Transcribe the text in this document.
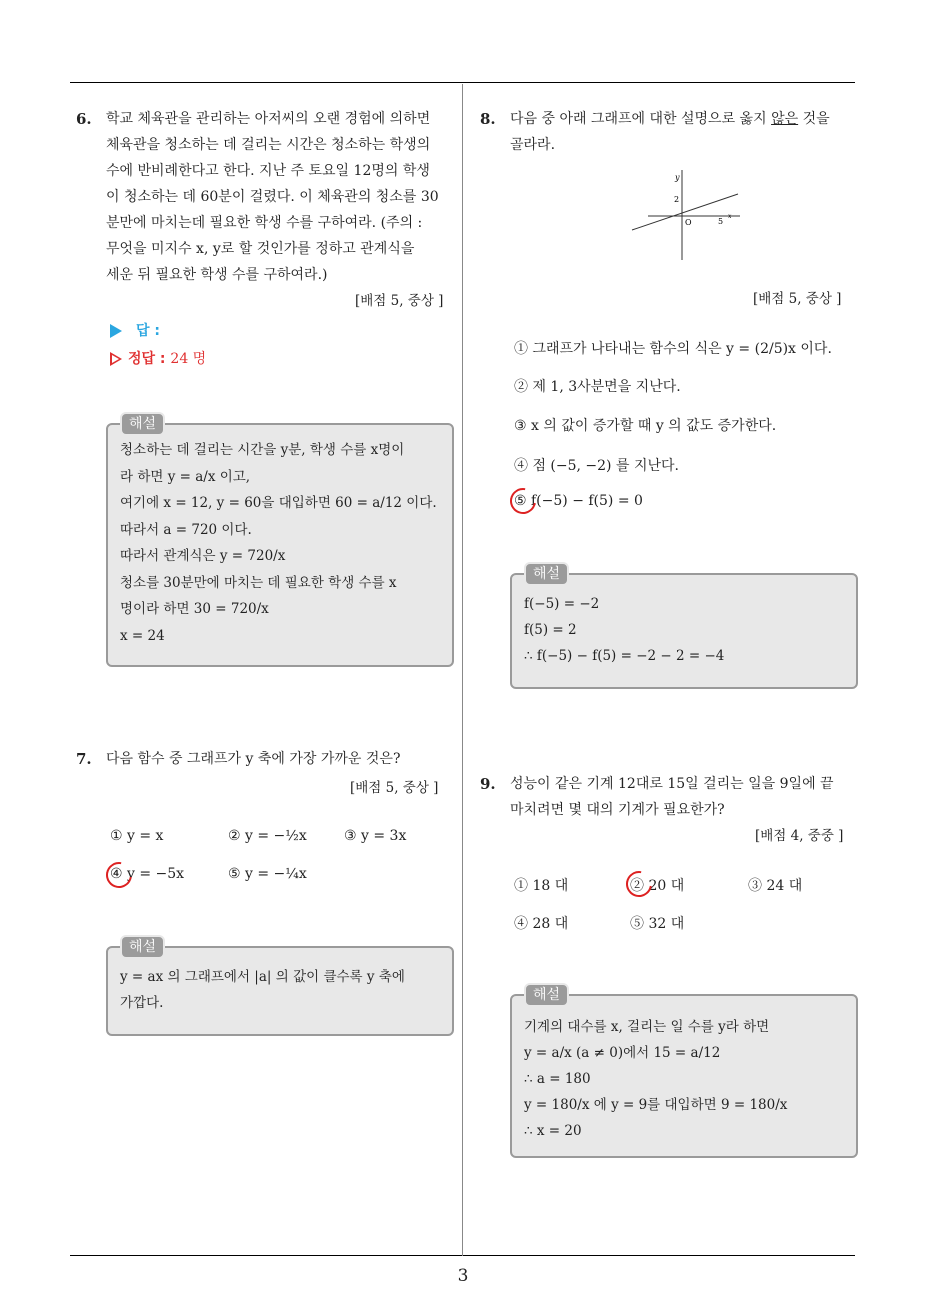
3
6. 학교 체육관을 관리하는 아저씨의 오랜 경험에 의하면
체육관을 청소하는 데 걸리는 시간은 청소하는 학생의
수에 반비례한다고 한다. 지난 주 토요일 12명의 학생
이 청소하는 데 60분이 걸렸다. 이 체육관의 청소를 30
분만에 마치는데 필요한 학생 수를 구하여라. (주의 :
무엇을 미지수 x, y로 할 것인가를 정하고 관계식을
세운 뒤 필요한 학생 수를 구하여라.)
[배점 5, 중상 ]
답 :
정답 : 24 명
해설
청소하는 데 걸리는 시간을 y분, 학생 수를 x명이
라 하면 y = a/x 이고,
여기에 x = 12, y = 60을 대입하면 60 = a/12 이다.
따라서 a = 720 이다.
따라서 관계식은 y = 720/x
청소를 30분만에 마치는 데 필요한 학생 수를 x
명이라 하면 30 = 720/x
x = 24
7. 다음 함수 중 그래프가 y 축에 가장 가까운 것은?
[배점 5, 중상 ]
① y = x	② y = −½x	③ y = 3x
④ y = −5x	⑤ y = −¼x
해설
y = ax 의 그래프에서 |a| 의 값이 클수록 y 축에
가깝다.
8. 다음 중 아래 그래프에 대한 설명으로 옳지 않은 것을
골라라.
y
2
O	5
x
[배점 5, 중상 ]
① 그래프가 나타내는 함수의 식은 y = (2/5)x 이다.
② 제 1, 3사분면을 지난다.
③ x 의 값이 증가할 때 y 의 값도 증가한다.
④ 점 (−5, −2) 를 지난다.
⑤ f(−5) − f(5) = 0
해설
f(−5) = −2
f(5) = 2
∴ f(−5) − f(5) = −2 − 2 = −4
9. 성능이 같은 기계 12대로 15일 걸리는 일을 9일에 끝
마치려면 몇 대의 기계가 필요한가?
[배점 4, 중중 ]
① 18 대	② 20 대	③ 24 대
④ 28 대	⑤ 32 대
해설
기계의 대수를 x, 걸리는 일 수를 y라 하면
y = a/x (a ≠ 0)에서 15 = a/12
∴ a = 180
y = 180/x 에 y = 9를 대입하면 9 = 180/x
∴ x = 20
